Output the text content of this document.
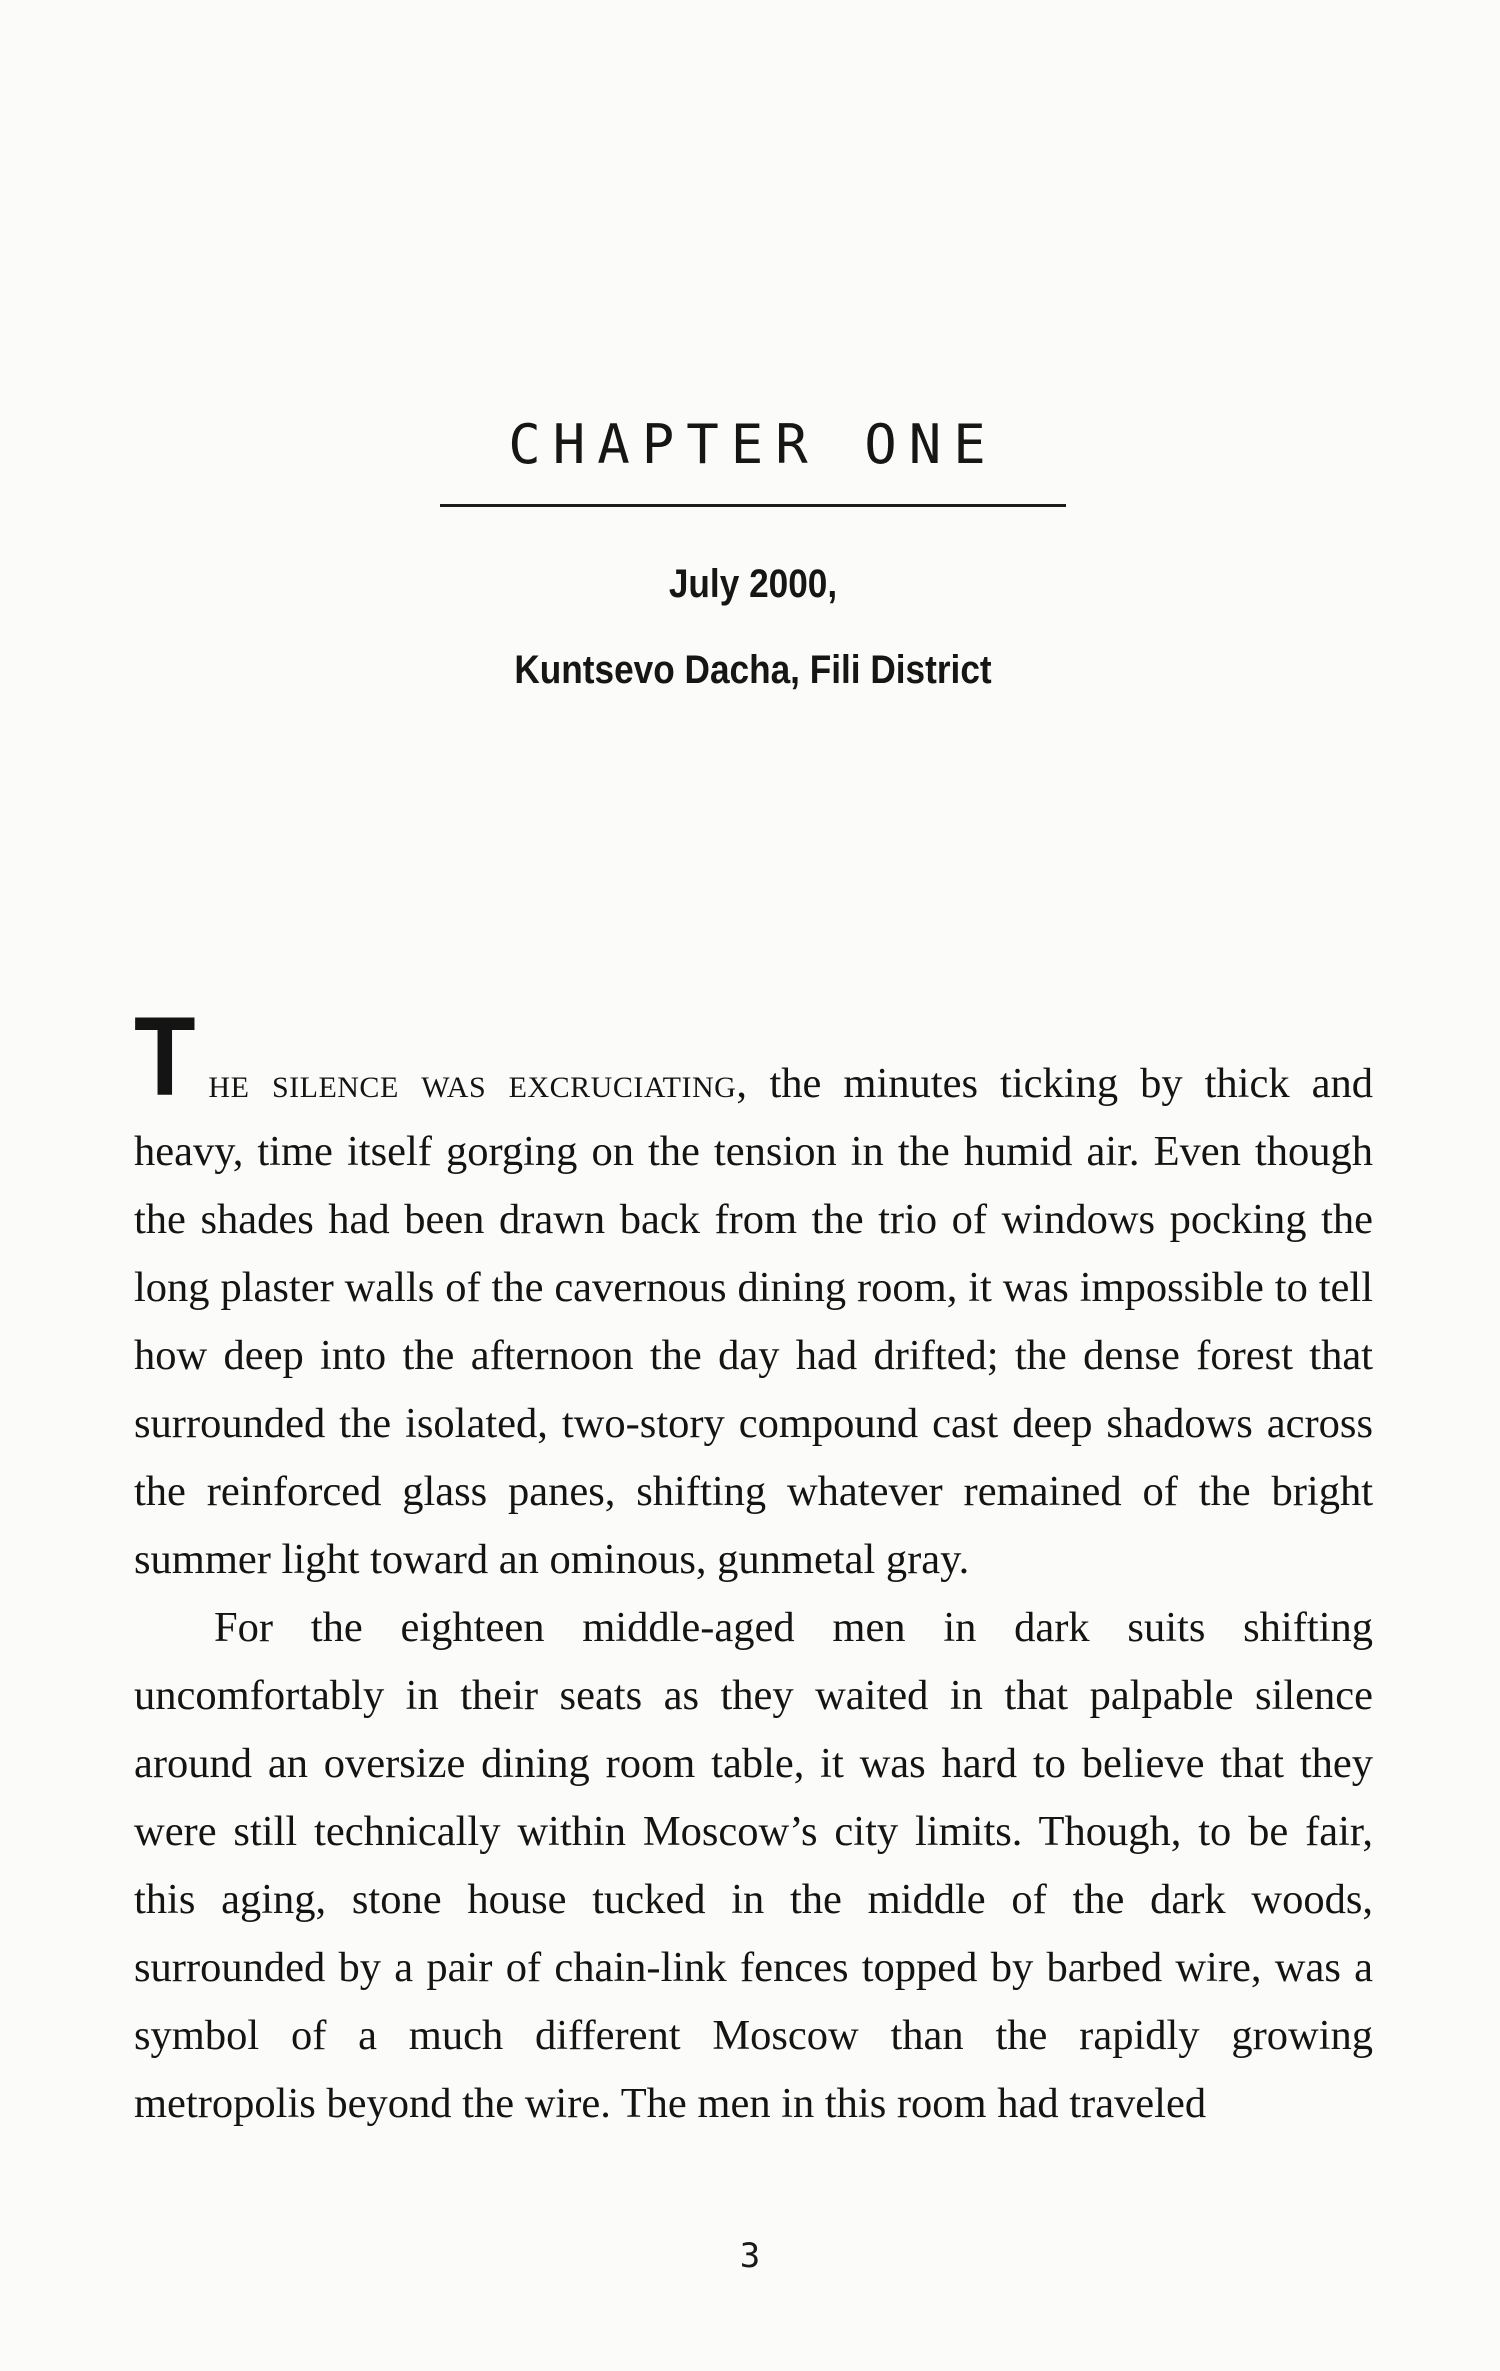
CHAPTER ONE
July 2000,
Kuntsevo Dacha, Fili District

The silence was excruciating, the minutes ticking by thick and heavy, time itself gorging on the tension in the humid air. Even though the shades had been drawn back from the trio of windows pocking the long plaster walls of the cavernous dining room, it was impossible to tell how deep into the afternoon the day had drifted; the dense forest that surrounded the isolated, two-story compound cast deep shadows across the reinforced glass panes, shifting whatever remained of the bright summer light toward an ominous, gunmetal gray.

For the eighteen middle-aged men in dark suits shifting uncomfortably in their seats as they waited in that palpable silence around an oversize dining room table, it was hard to believe that they were still technically within Moscow’s city limits. Though, to be fair, this aging, stone house tucked in the middle of the dark woods, surrounded by a pair of chain-link fences topped by barbed wire, was a symbol of a much different Moscow than the rapidly growing metropolis beyond the wire. The men in this room had traveled

3
